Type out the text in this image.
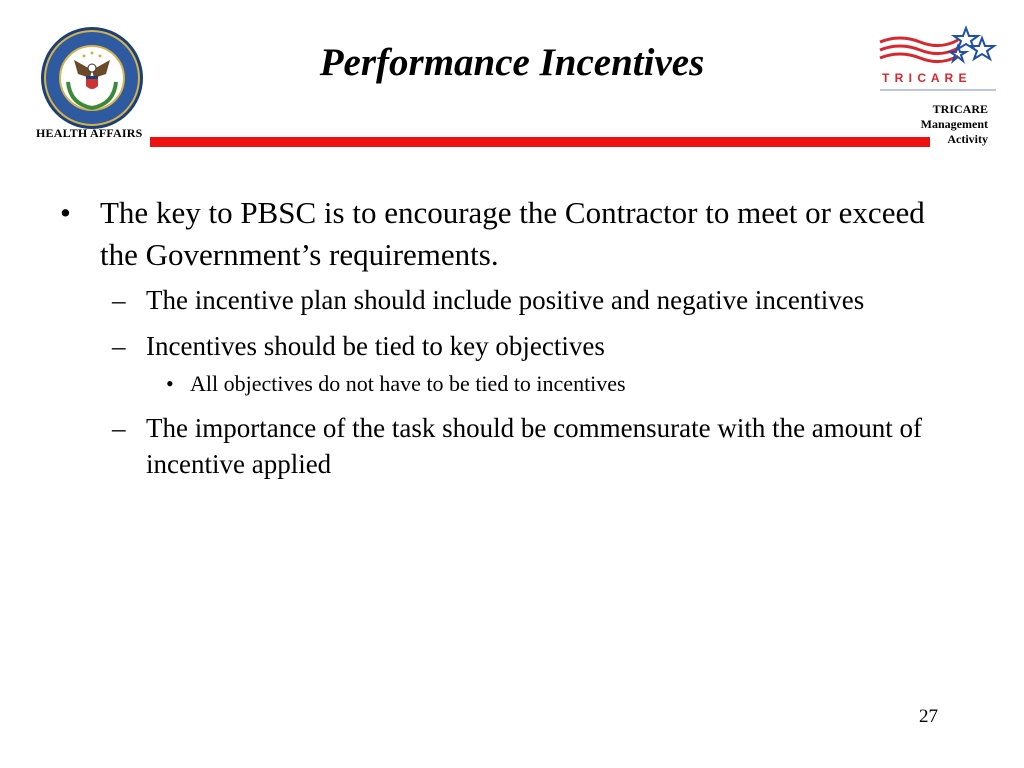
HEALTH AFFAIRS
Performance Incentives	T R I C A R E
TRICARE
Management
Activity
• The key to PBSC is to encourage the Contractor to meet or exceed the Government’s requirements.
– The incentive plan should include positive and negative incentives
– Incentives should be tied to key objectives
• All objectives do not have to be tied to incentives
– The importance of the task should be commensurate with the amount of incentive applied
27
